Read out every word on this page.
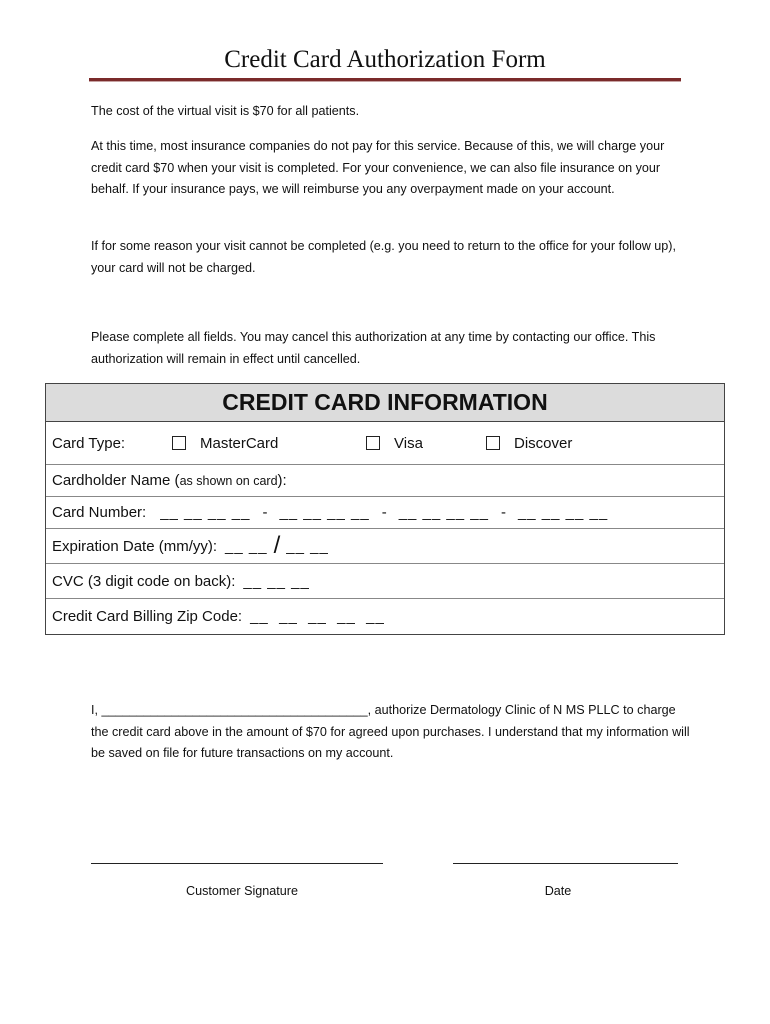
Credit Card Authorization Form
The cost of the virtual visit is $70 for all patients.
At this time, most insurance companies do not pay for this service. Because of this, we will charge your credit card $70 when your visit is completed. For your convenience, we can also file insurance on your behalf. If your insurance pays, we will reimburse you any overpayment made on your account.
If for some reason your visit cannot be completed (e.g. you need to return to the office for your follow up), your card will not be charged.
Please complete all fields. You may cancel this authorization at any time by contacting our office. This authorization will remain in effect until cancelled.
CREDIT CARD INFORMATION
Card Type:	MasterCard	Visa	Discover
Cardholder Name ( as shown on card ):
Card Number: __ __ __ __ - __ __ __ __ - __ __ __ __ - __ __ __ __
Expiration Date (mm/yy): __ __ / __ __
CVC (3 digit code on back): __ __ __
Credit Card Billing Zip Code: __  __  __  __  __
I, ______________________________________, authorize Dermatology Clinic of N MS PLLC to charge the credit card above in the amount of $70 for agreed upon purchases. I understand that my information will be saved on file for future transactions on my account.
Customer Signature	Date
